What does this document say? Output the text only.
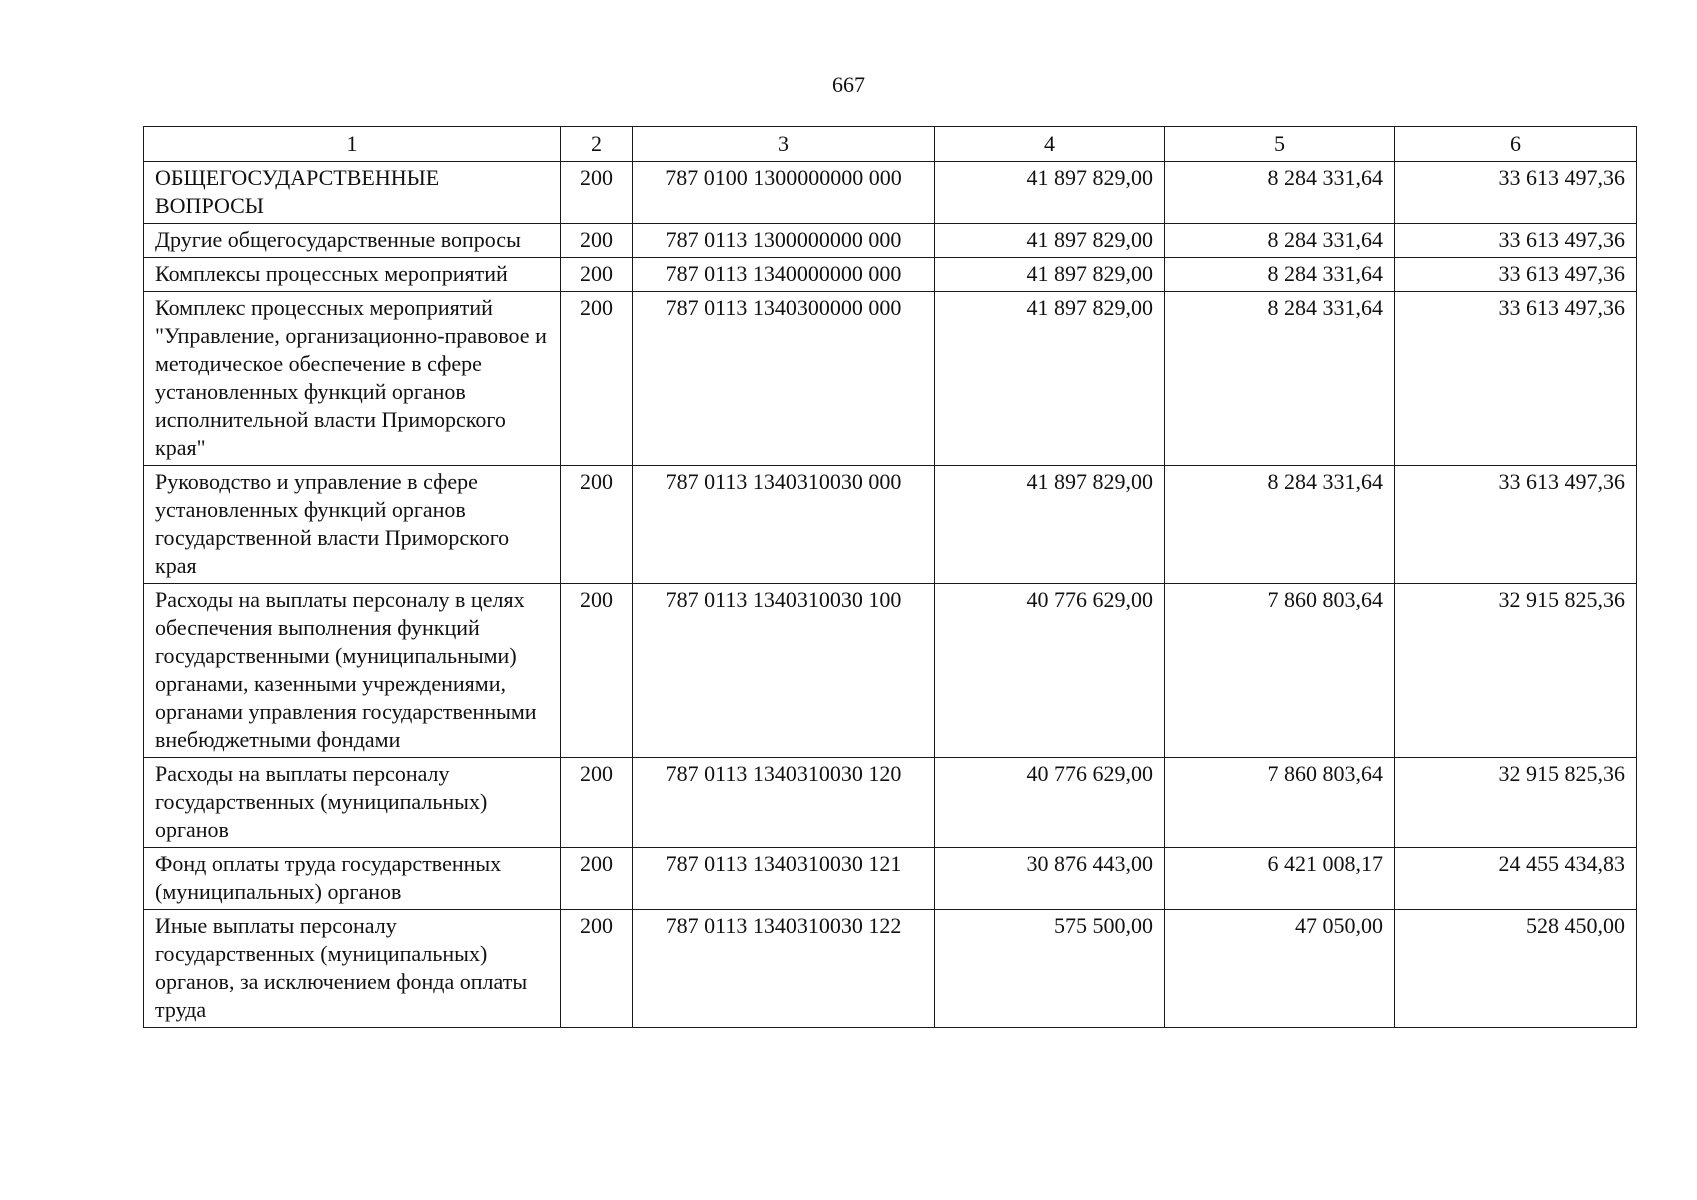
667
1	2	3	4	5	6
ОБЩЕГОСУДАРСТВЕННЫЕ ВОПРОСЫ	200	787 0100 1300000000 000	41 897 829,00	8 284 331,64	33 613 497,36
Другие общегосударственные вопросы	200	787 0113 1300000000 000	41 897 829,00	8 284 331,64	33 613 497,36
Комплексы процессных мероприятий	200	787 0113 1340000000 000	41 897 829,00	8 284 331,64	33 613 497,36
Комплекс процессных мероприятий "Управление, организационно-правовое и методическое обеспечение в сфере установленных функций органов исполнительной власти Приморского края"	200	787 0113 1340300000 000	41 897 829,00	8 284 331,64	33 613 497,36
Руководство и управление в сфере установленных функций органов государственной власти Приморского края	200	787 0113 1340310030 000	41 897 829,00	8 284 331,64	33 613 497,36
Расходы на выплаты персоналу в целях обеспечения выполнения функций государственными (муниципальными) органами, казенными учреждениями, органами управления государственными внебюджетными фондами	200	787 0113 1340310030 100	40 776 629,00	7 860 803,64	32 915 825,36
Расходы на выплаты персоналу государственных (муниципальных) органов	200	787 0113 1340310030 120	40 776 629,00	7 860 803,64	32 915 825,36
Фонд оплаты труда государственных (муниципальных) органов	200	787 0113 1340310030 121	30 876 443,00	6 421 008,17	24 455 434,83
Иные выплаты персоналу государственных (муниципальных) органов, за исключением фонда оплаты труда	200	787 0113 1340310030 122	575 500,00	47 050,00	528 450,00
